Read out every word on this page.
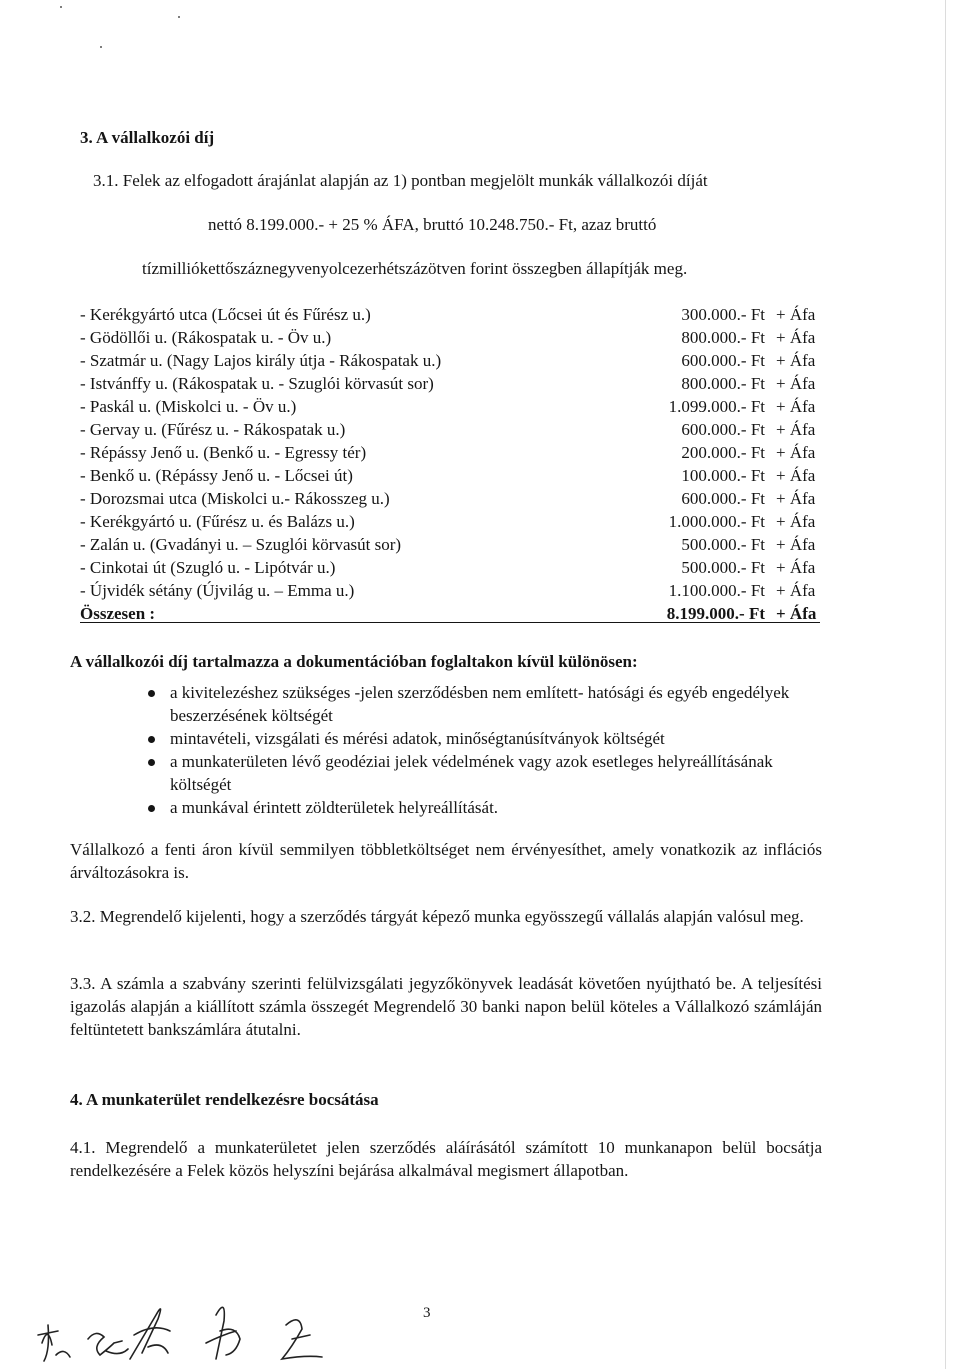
3. A vállalkozói díj
3.1. Felek az elfogadott árajánlat alapján az 1) pontban megjelölt munkák vállalkozói díját
nettó 8.199.000.- + 25 % ÁFA, bruttó 10.248.750.- Ft, azaz bruttó
tízmilliókettőszáznegyvenyolcezerhétszázötven forint összegben állapítják meg.
- Kerékgyártó utca (Lőcsei út és Fűrész u.)	300.000.- Ft + Áfa
- Gödöllői u. (Rákospatak u. - Öv u.)	800.000.- Ft + Áfa
- Szatmár u. (Nagy Lajos király útja - Rákospatak u.)	600.000.- Ft + Áfa
- Istvánffy u. (Rákospatak u. - Szuglói körvasút sor)	800.000.- Ft + Áfa
- Paskál u. (Miskolci u. - Öv u.)	1.099.000.- Ft + Áfa
- Gervay u. (Fűrész u. - Rákospatak u.)	600.000.- Ft + Áfa
- Répássy Jenő u. (Benkő u. - Egressy tér)	200.000.- Ft + Áfa
- Benkő u. (Répássy Jenő u. - Lőcsei út)	100.000.- Ft + Áfa
- Dorozsmai utca (Miskolci u.- Rákosszeg u.)	600.000.- Ft + Áfa
- Kerékgyártó u. (Fűrész u. és Balázs u.)	1.000.000.- Ft + Áfa
- Zalán u. (Gvadányi u. – Szuglói körvasút sor)	500.000.- Ft + Áfa
- Cinkotai út (Szugló u. - Lipótvár u.)	500.000.- Ft + Áfa
- Újvidék sétány (Újvilág u. – Emma u.)	1.100.000.- Ft + Áfa
Összesen :	8.199.000.- Ft + Áfa
A vállalkozói díj tartalmazza a dokumentációban foglaltakon kívül különösen:
a kivitelezéshez szükséges -jelen szerződésben nem említett- hatósági és egyéb engedélyek beszerzésének költségét
mintavételi, vizsgálati és mérési adatok, minőségtanúsítványok költségét
a munkaterületen lévő geodéziai jelek védelmének vagy azok esetleges helyreállításának költségét
a munkával érintett zöldterületek helyreállítását.
Vállalkozó a fenti áron kívül semmilyen többletköltséget nem érvényesíthet, amely vonatkozik az inflációs árváltozásokra is.
3.2. Megrendelő kijelenti, hogy a szerződés tárgyát képező munka egyösszegű vállalás alapján valósul meg.
3.3. A számla a szabvány szerinti felülvizsgálati jegyzőkönyvek leadását követően nyújtható be. A teljesítési igazolás alapján a kiállított számla összegét Megrendelő 30 banki napon belül köteles a Vállalkozó számláján feltüntetett bankszámlára átutalni.
4. A munkaterület rendelkezésre bocsátása
4.1. Megrendelő a munkaterületet jelen szerződés aláírásától számított 10 munkanapon belül bocsátja rendelkezésére a Felek közös helyszíni bejárása alkalmával megismert állapotban.
3
